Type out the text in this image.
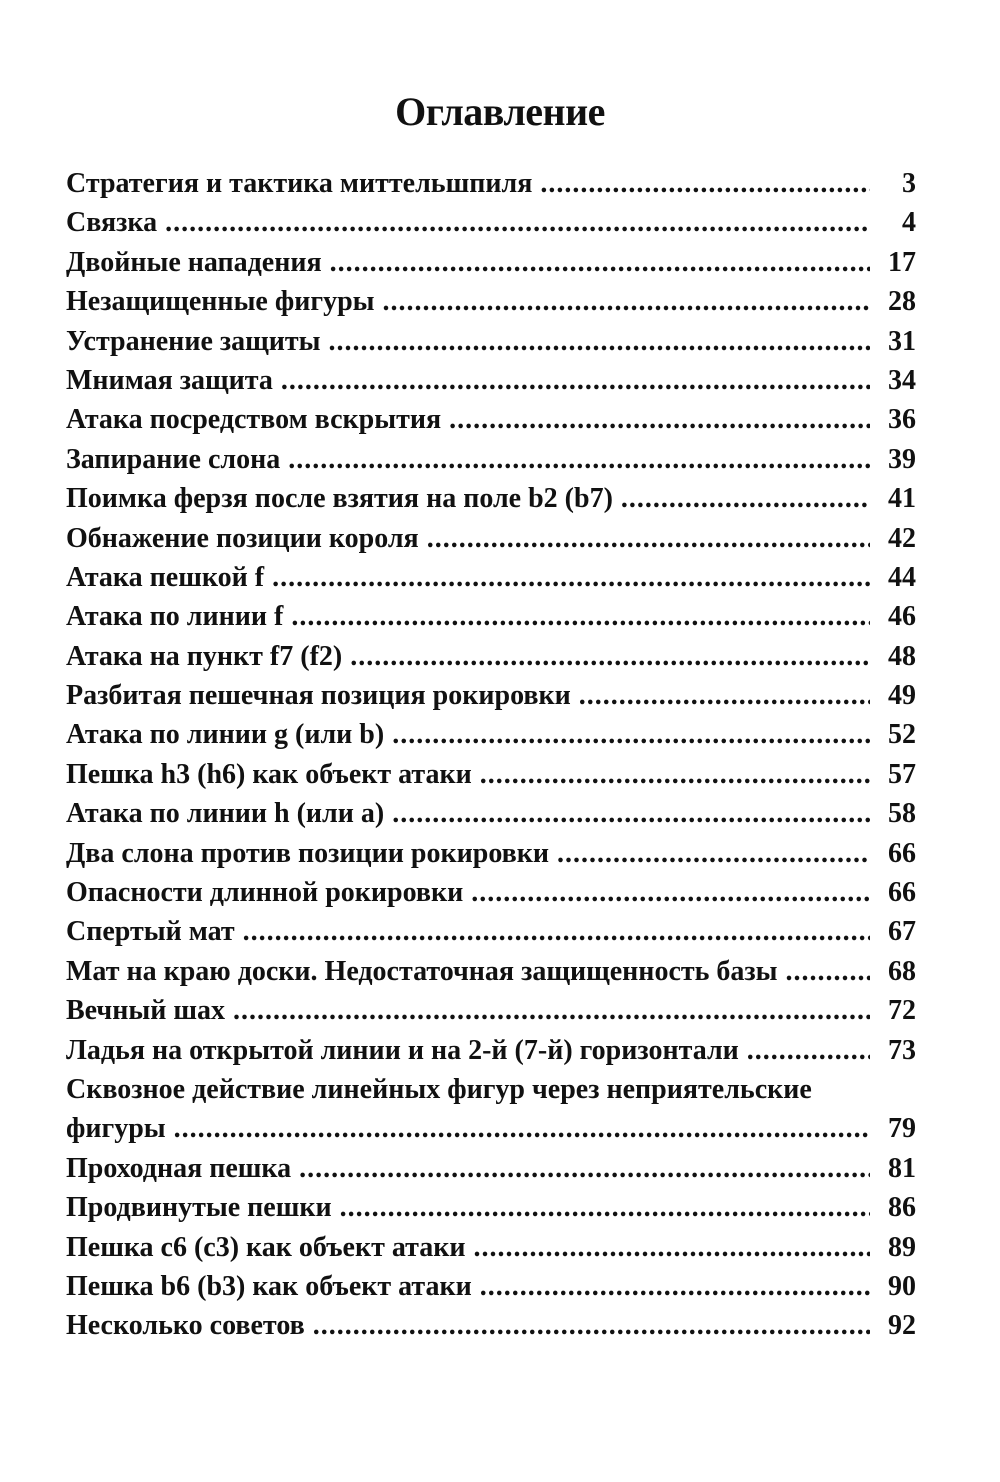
Оглавление
Стратегия и тактика миттельшпиля .....	3
Связка .....	4
Двойные нападения .....	17
Незащищенные фигуры .....	28
Устранение защиты .....	31
Мнимая защита .....	34
Атака посредством вскрытия .....	36
Запирание слона .....	39
Поимка ферзя после взятия на поле b2 (b7) .....	41
Обнажение позиции короля .....	42
Атака пешкой f .....	44
Атака по линии f .....	46
Атака на пункт f7 (f2) .....	48
Разбитая пешечная позиция рокировки .....	49
Атака по линии g (или b) .....	52
Пешка h3 (h6) как объект атаки .....	57
Атака по линии h (или a) .....	58
Два слона против позиции рокировки .....	66
Опасности длинной рокировки .....	66
Спертый мат .....	67
Мат на краю доски. Недостаточная защищенность базы .....	68
Вечный шах .....	72
Ладья на открытой линии и на 2-й (7-й) горизонтали .....	73
Сквозное действие линейных фигур через неприятельские
фигуры .....	79
Проходная пешка .....	81
Продвинутые пешки .....	86
Пешка с6 (с3) как объект атаки .....	89
Пешка b6 (b3) как объект атаки .....	90
Несколько советов .....	92
